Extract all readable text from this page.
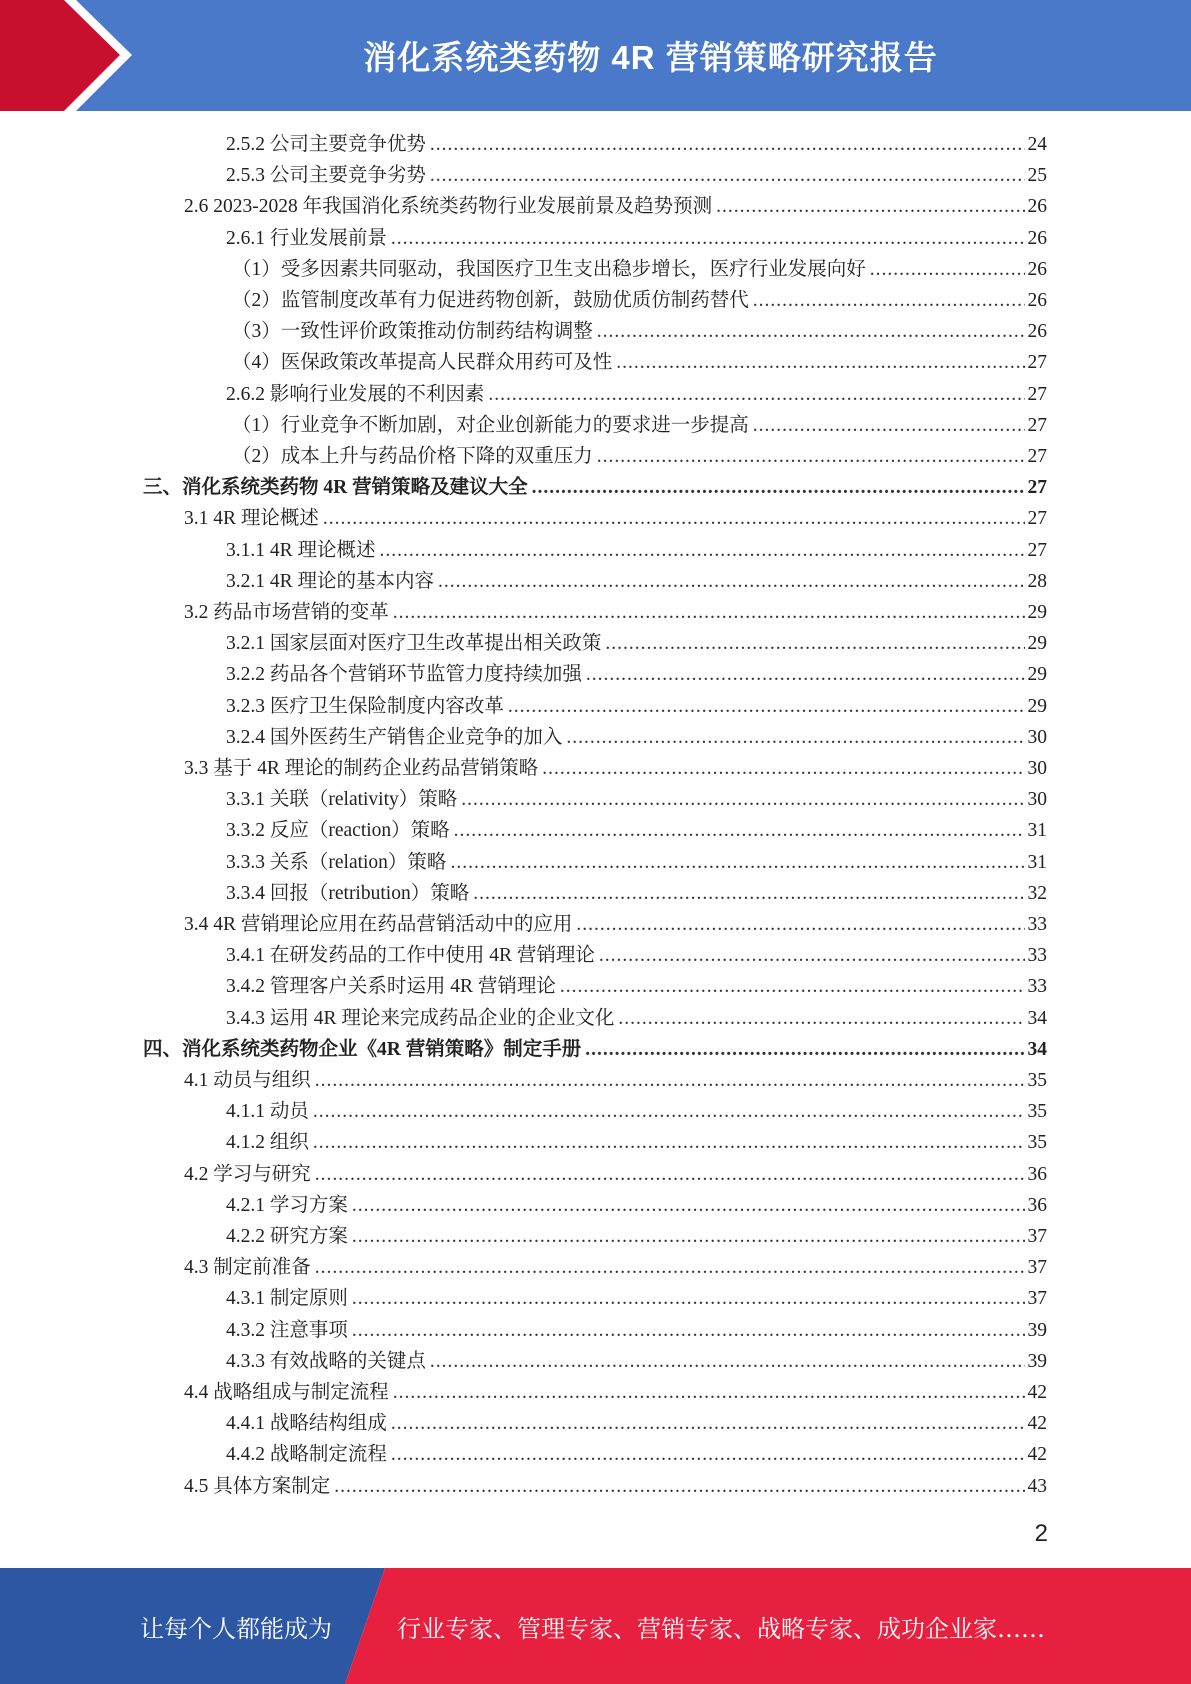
消化系统类药物 4R 营销策略研究报告
2.5.2 公司主要竞争优势 .....	24
2.5.3 公司主要竞争劣势 .....	25
2.6 2023-2028 年我国消化系统类药物行业发展前景及趋势预测 .....	26
2.6.1 行业发展前景 .....	26
（1）受多因素共同驱动，我国医疗卫生支出稳步增长，医疗行业发展向好 .....	26
（2）监管制度改革有力促进药物创新，鼓励优质仿制药替代 .....	26
（3）一致性评价政策推动仿制药结构调整 .....	26
（4）医保政策改革提高人民群众用药可及性 .....	27
2.6.2 影响行业发展的不利因素 .....	27
（1）行业竞争不断加剧，对企业创新能力的要求进一步提高 .....	27
（2）成本上升与药品价格下降的双重压力 .....	27
三、消化系统类药物 4R 营销策略及建议大全 .....	27
3.1 4R 理论概述 .....	27
3.1.1 4R 理论概述 .....	27
3.2.1 4R 理论的基本内容 .....	28
3.2 药品市场营销的变革 .....	29
3.2.1 国家层面对医疗卫生改革提出相关政策 .....	29
3.2.2 药品各个营销环节监管力度持续加强 .....	29
3.2.3 医疗卫生保险制度内容改革 .....	29
3.2.4 国外医药生产销售企业竞争的加入 .....	30
3.3 基于 4R 理论的制药企业药品营销策略 .....	30
3.3.1 关联（relativity）策略 .....	30
3.3.2 反应（reaction）策略 .....	31
3.3.3 关系（relation）策略 .....	31
3.3.4 回报（retribution）策略 .....	32
3.4 4R 营销理论应用在药品营销活动中的应用 .....	33
3.4.1 在研发药品的工作中使用 4R 营销理论 .....	33
3.4.2 管理客户关系时运用 4R 营销理论 .....	33
3.4.3 运用 4R 理论来完成药品企业的企业文化 .....	34
四、消化系统类药物企业《4R 营销策略》制定手册 .....	34
4.1 动员与组织 .....	35
4.1.1 动员 .....	35
4.1.2 组织 .....	35
4.2 学习与研究 .....	36
4.2.1 学习方案 .....	36
4.2.2 研究方案 .....	37
4.3 制定前准备 .....	37
4.3.1 制定原则 .....	37
4.3.2 注意事项 .....	39
4.3.3 有效战略的关键点 .....	39
4.4 战略组成与制定流程 .....	42
4.4.1 战略结构组成 .....	42
4.4.2 战略制定流程 .....	42
4.5 具体方案制定 .....	43
2
让每个人都能成为	行业专家、管理专家、营销专家、战略专家、成功企业家……
